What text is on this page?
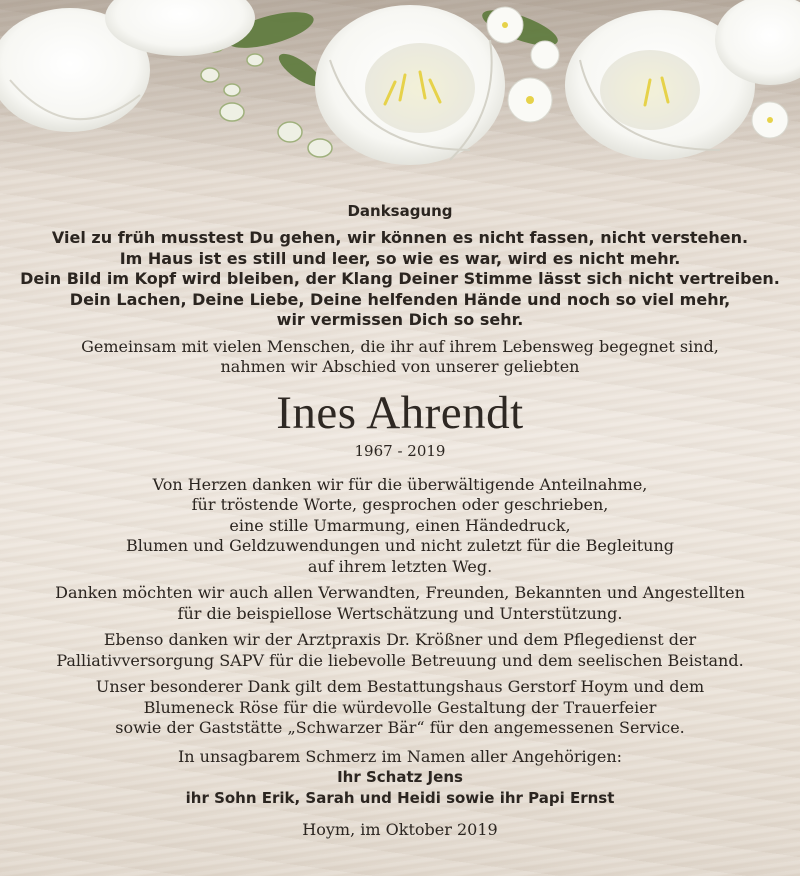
Danksagung
Viel zu früh musstest Du gehen, wir können es nicht fassen, nicht verstehen.
Im Haus ist es still und leer, so wie es war, wird es nicht mehr.
Dein Bild im Kopf wird bleiben, der Klang Deiner Stimme lässt sich nicht vertreiben.
Dein Lachen, Deine Liebe, Deine helfenden Hände und noch so viel mehr,
wir vermissen Dich so sehr.
Gemeinsam mit vielen Menschen, die ihr auf ihrem Lebensweg begegnet sind,
nahmen wir Abschied von unserer geliebten
Ines Ahrendt
1967 - 2019
Von Herzen danken wir für die überwältigende Anteilnahme,
für tröstende Worte, gesprochen oder geschrieben,
eine stille Umarmung, einen Händedruck,
Blumen und Geldzuwendungen und nicht zuletzt für die Begleitung
auf ihrem letzten Weg.
Danken möchten wir auch allen Verwandten, Freunden, Bekannten und Angestellten
für die beispiellose Wertschätzung und Unterstützung.
Ebenso danken wir der Arztpraxis Dr. Krößner und dem Pflegedienst der
Palliativversorgung SAPV für die liebevolle Betreuung und dem seelischen Beistand.
Unser besonderer Dank gilt dem Bestattungshaus Gerstorf Hoym und dem
Blumeneck Röse für die würdevolle Gestaltung der Trauerfeier
sowie der Gaststätte „Schwarzer Bär“ für den angemessenen Service.
In unsagbarem Schmerz im Namen aller Angehörigen:
Ihr Schatz Jens
ihr Sohn Erik, Sarah und Heidi sowie ihr Papi Ernst
Hoym, im Oktober 2019
